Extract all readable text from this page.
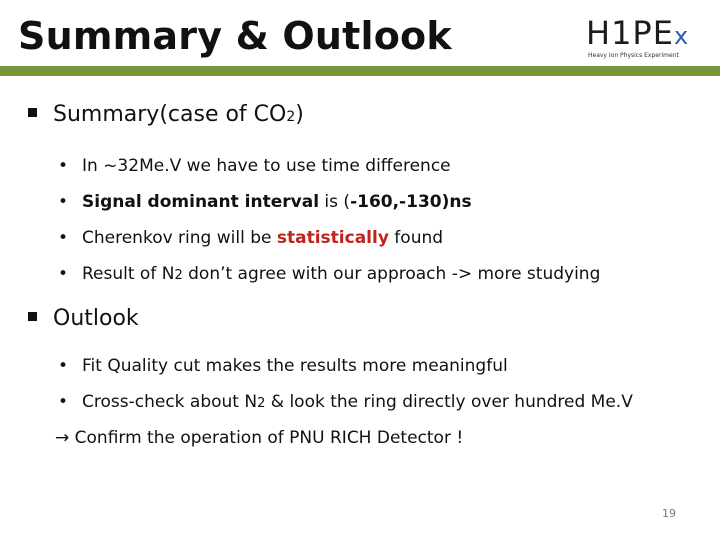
Summary & Outlook	H1PEx
Heavy Ion Physics Experiment
Summary(case of CO2)
• In ~32Me.V we have to use time difference
• Signal dominant interval is (-160,-130)ns
• Cherenkov ring will be statistically found
• Result of N2 don’t agree with our approach -> more studying
Outlook
• Fit Quality cut makes the results more meaningful
• Cross-check about N2 & look the ring directly over hundred Me.V
→ Confirm the operation of PNU RICH Detector !
19
